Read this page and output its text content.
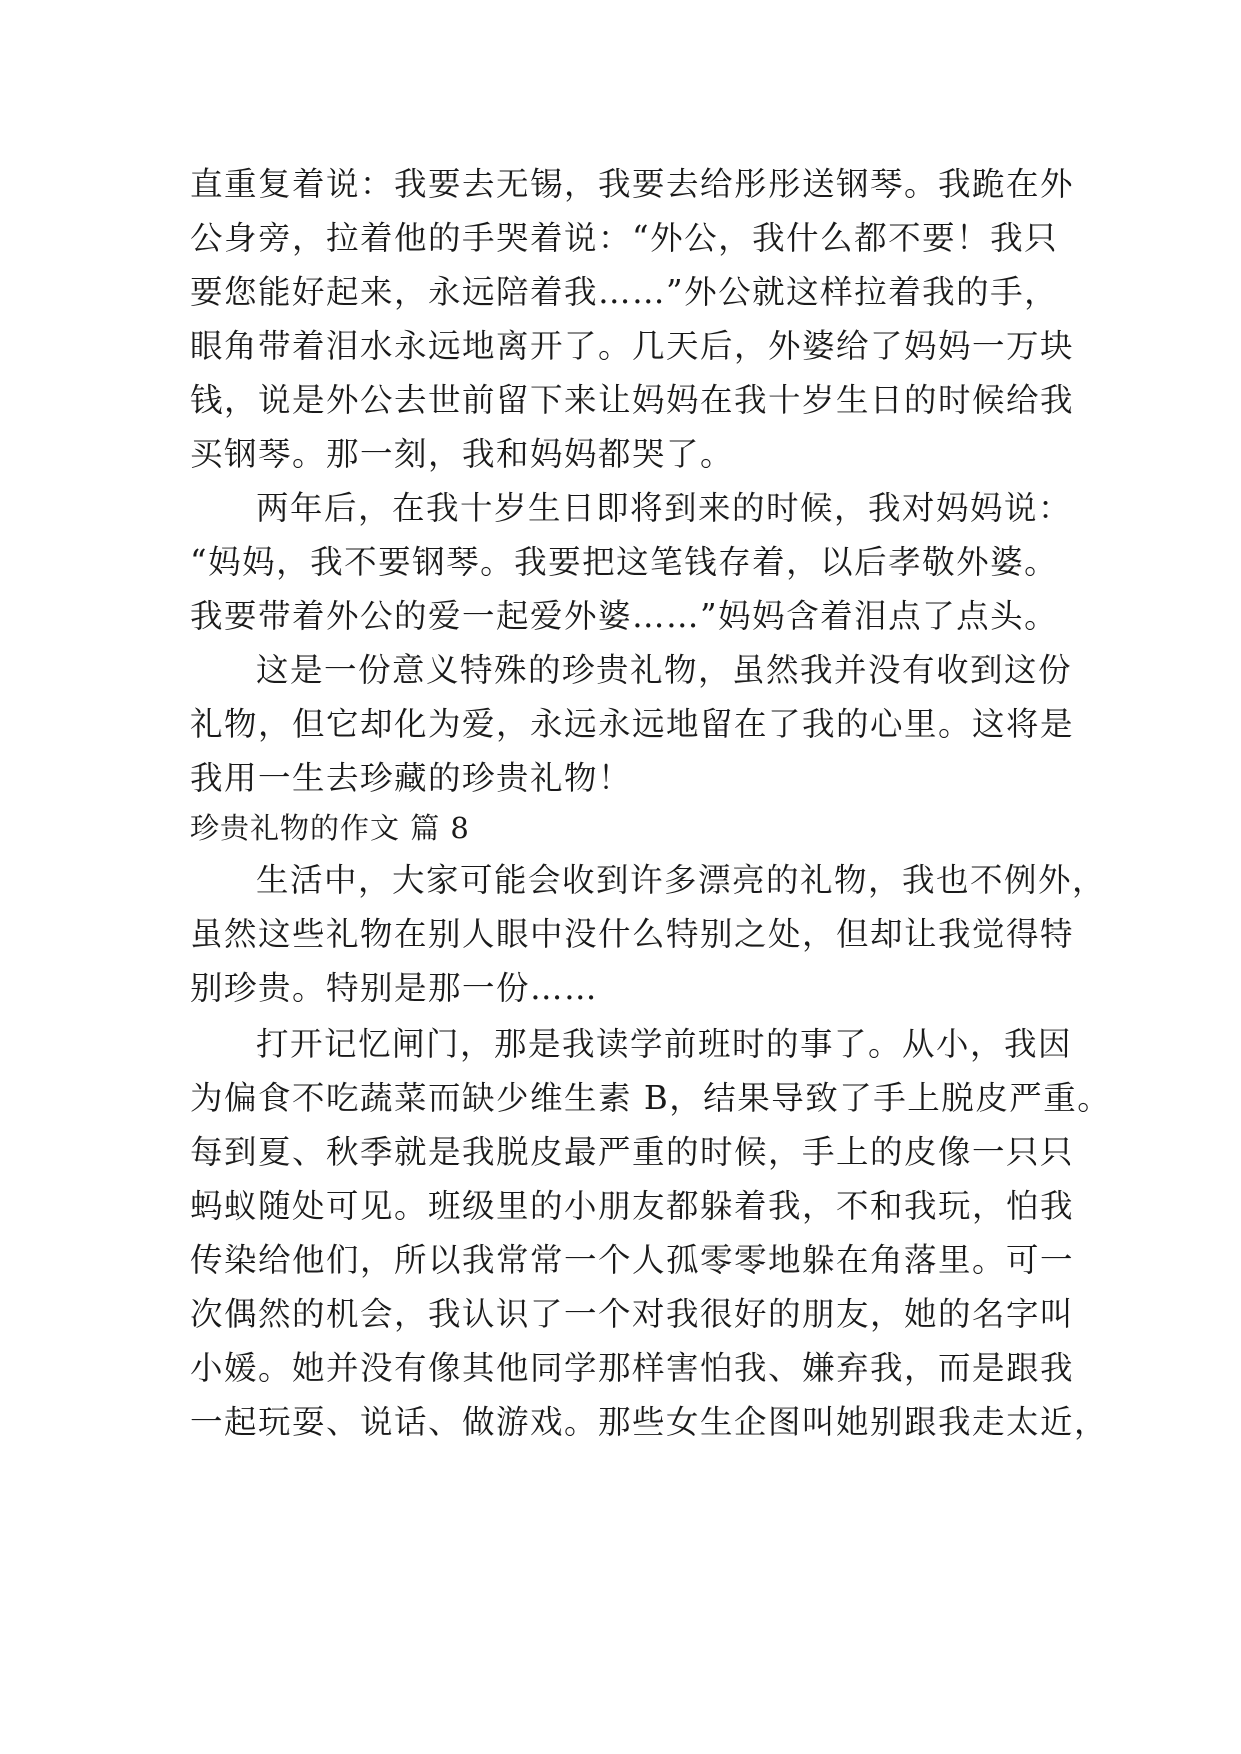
直重复着说：我要去无锡，我要去给彤彤送钢琴。我跪在外
公身旁，拉着他的手哭着说：“外公，我什么都不要！我只
要您能好起来，永远陪着我……”外公就这样拉着我的手，
眼角带着泪水永远地离开了。几天后，外婆给了妈妈一万块
钱，说是外公去世前留下来让妈妈在我十岁生日的时候给我
买钢琴。那一刻，我和妈妈都哭了。
两年后，在我十岁生日即将到来的时候，我对妈妈说：
“妈妈，我不要钢琴。我要把这笔钱存着，以后孝敬外婆。
我要带着外公的爱一起爱外婆……”妈妈含着泪点了点头。
这是一份意义特殊的珍贵礼物，虽然我并没有收到这份
礼物，但它却化为爱，永远永远地留在了我的心里。这将是
我用一生去珍藏的珍贵礼物！
珍贵礼物的作文 篇 8
生活中，大家可能会收到许多漂亮的礼物，我也不例外，
虽然这些礼物在别人眼中没什么特别之处，但却让我觉得特
别珍贵。特别是那一份……
打开记忆闸门，那是我读学前班时的事了。从小，我因
为偏食不吃蔬菜而缺少维生素 B，结果导致了手上脱皮严重。
每到夏、秋季就是我脱皮最严重的时候，手上的皮像一只只
蚂蚁随处可见。班级里的小朋友都躲着我，不和我玩，怕我
传染给他们，所以我常常一个人孤零零地躲在角落里。可一
次偶然的机会，我认识了一个对我很好的朋友，她的名字叫
小媛。她并没有像其他同学那样害怕我、嫌弃我，而是跟我
一起玩耍、说话、做游戏。那些女生企图叫她别跟我走太近，
